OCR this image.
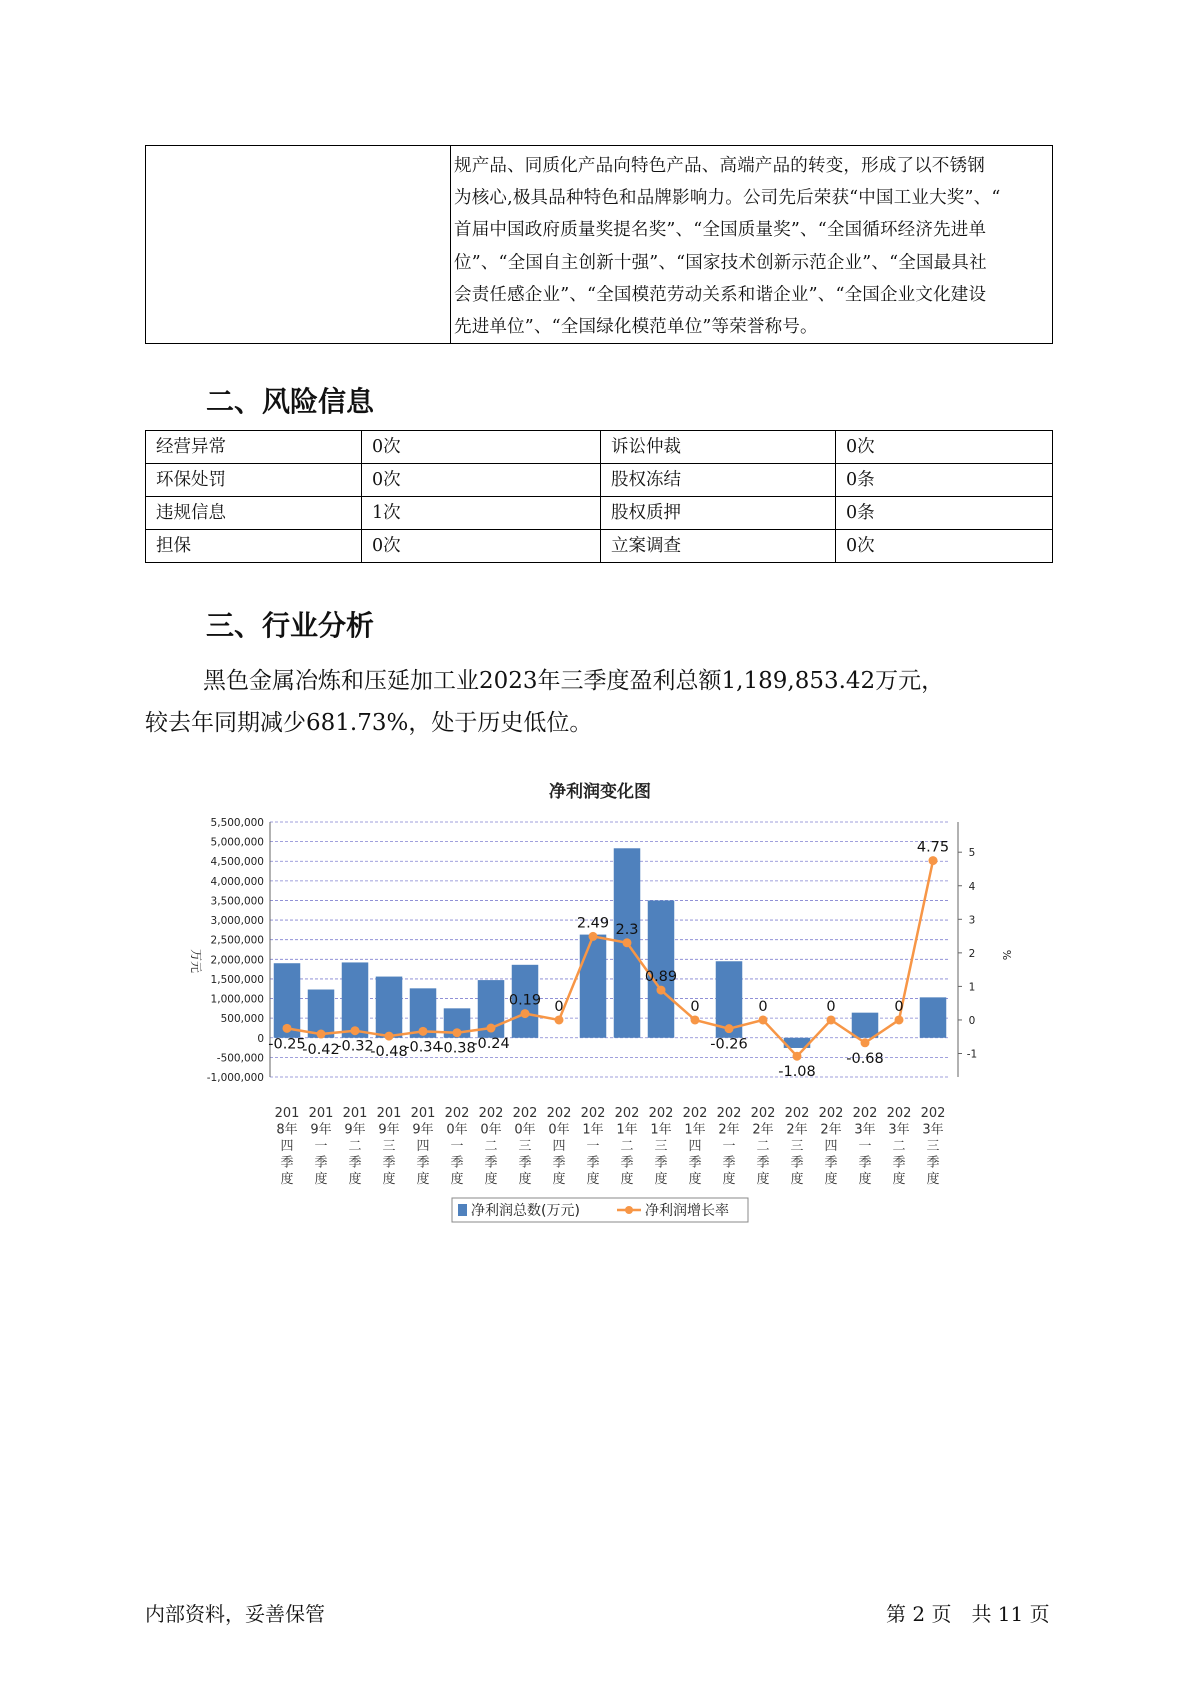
规产品、同质化产品向特色产品、高端产品的转变，形成了以不锈钢
为核心,极具品种特色和品牌影响力。公司先后荣获“中国工业大奖”、“
首届中国政府质量奖提名奖”、“全国质量奖”、“全国循环经济先进单
位”、“全国自主创新十强”、“国家技术创新示范企业”、“全国最具社
会责任感企业”、“全国模范劳动关系和谐企业”、“全国企业文化建设
先进单位”、“全国绿化模范单位”等荣誉称号。
二、风险信息
经营异常	0次	诉讼仲裁	0次
环保处罚	0次	股权冻结	0条
违规信息	1次	股权质押	0条
担保	0次	立案调查	0次
三、行业分析
黑色金属冶炼和压延加工业2023年三季度盈利总额1,189,853.42万元，
较去年同期减少681.73%，处于历史低位。
净利润变化图
5,500,000
5,000,000
4,500,000
4,000,000
3,500,000
3,000,000
2,500,000
2,000,000
1,500,000
1,000,000
500,000
0
-500,000
-1,000,000
5
4
3
2
1
0
-1
-0.25
-0.42
-0.32
-0.48
-0.34
-0.38
-0.24
0.19 0
2.49 2.3
0.89
0
-0.26
0
-1.08
0
-0.68
0
4.75
201
8年
四
季
度
201
9年
一
季
度
201
9年
二
季
度
201
9年
三
季
度
201
9年
四
季
度
202
0年
一
季
度
202
0年
二
季
度
202
0年
三
季
度
202
0年
四
季
度
202
1年
一
季
度
202
1年
二
季
度
202
1年
三
季
度
202
1年
四
季
度
202
2年
一
季
度
202
2年
二
季
度
202
2年
三
季
度
202
2年
四
季
度
202
3年
一
季
度
202
3年
二
季
度
202
3年
三
季
度
万元	%
净利润总数(万元)	净利润增长率
内部资料，妥善保管	第 2 页　共 11 页
